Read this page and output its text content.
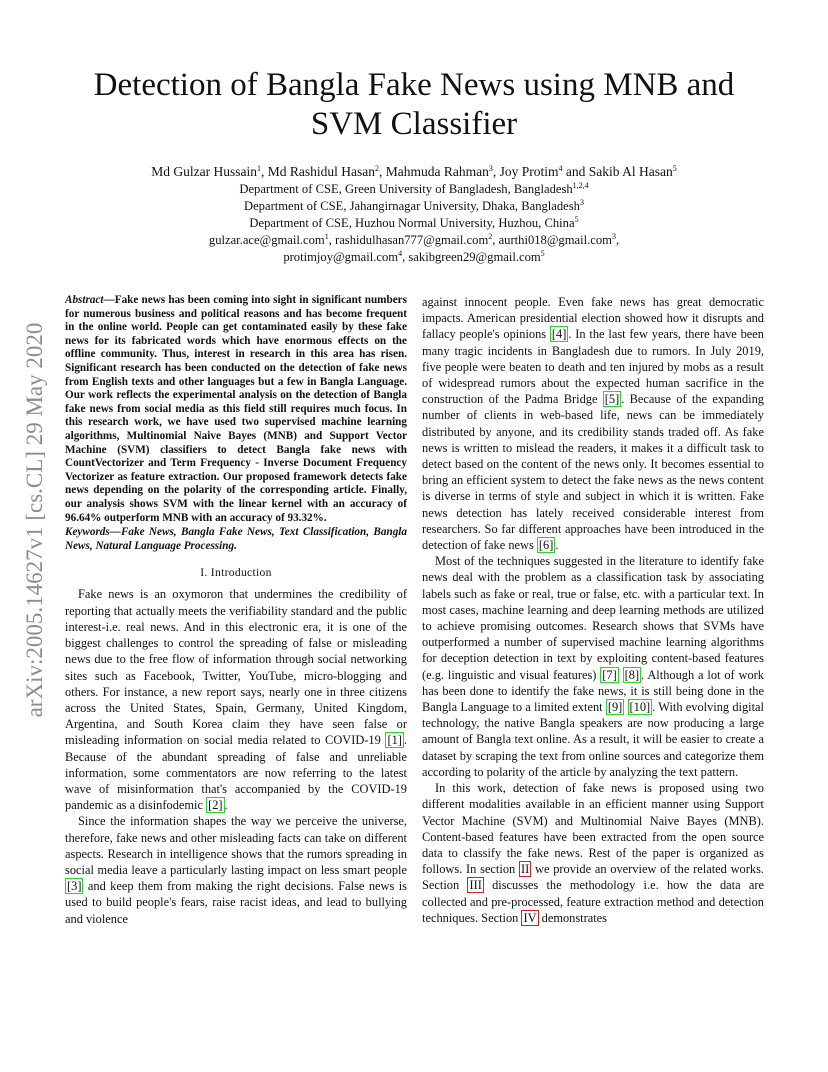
arXiv:2005.14627v1 [cs.CL] 29 May 2020
Detection of Bangla Fake News using MNB and SVM Classifier
Md Gulzar Hussain$^1$, Md Rashidul Hasan$^2$, Mahmuda Rahman$^3$, Joy Protim$^4$ and Sakib Al Hasan$^5$
Department of CSE, Green University of Bangladesh, Bangladesh$^{1,2,4}$
Department of CSE, Jahangirnagar University, Dhaka, Bangladesh$^3$
Department of CSE, Huzhou Normal University, Huzhou, China$^5$
gulzar.ace@gmail.com$^1$, rashidulhasan777@gmail.com$^2$, aurthi018@gmail.com$^3$,
protimjoy@gmail.com$^4$, sakibgreen29@gmail.com$^5$
Abstract—Fake news has been coming into sight in significant numbers for numerous business and political reasons and has become frequent in the online world. People can get contaminated easily by these fake news for its fabricated words which have enormous effects on the offline community. Thus, interest in research in this area has risen. Significant research has been conducted on the detection of fake news from English texts and other languages but a few in Bangla Language. Our work reflects the experimental analysis on the detection of Bangla fake news from social media as this field still requires much focus. In this research work, we have used two supervised machine learning algorithms, Multinomial Naive Bayes (MNB) and Support Vector Machine (SVM) classifiers to detect Bangla fake news with CountVectorizer and Term Frequency - Inverse Document Frequency Vectorizer as feature extraction. Our proposed framework detects fake news depending on the polarity of the corresponding article. Finally, our analysis shows SVM with the linear kernel with an accuracy of 96.64% outperform MNB with an accuracy of 93.32%.
Keywords—Fake News, Bangla Fake News, Text Classification, Bangla News, Natural Language Processing.
I. Introduction

Fake news is an oxymoron that undermines the credibility of reporting that actually meets the verifiability standard and the public interest-i.e. real news. And in this electronic era, it is one of the biggest challenges to control the spreading of false or misleading news due to the free flow of information through social networking sites such as Facebook, Twitter, YouTube, micro-blogging and others. For instance, a new report says, nearly one in three citizens across the United States, Spain, Germany, United Kingdom, Argentina, and South Korea claim they have seen false or misleading information on social media related to COVID-19 [1] . Because of the abundant spreading of false and unreliable information, some commentators are now referring to the latest wave of misinformation that's accompanied by the COVID-19 pandemic as a disinfodemic [2] .

Since the information shapes the way we perceive the universe, therefore, fake news and other misleading facts can take on different aspects. Research in intelligence shows that the rumors spreading in social media leave a particularly lasting impact on less smart people [3] and keep them from making the right decisions. False news is used to build people's fears, raise racist ideas, and lead to bullying and violence

against innocent people. Even fake news has great democratic impacts. American presidential election showed how it disrupts and fallacy people's opinions [4] . In the last few years, there have been many tragic incidents in Bangladesh due to rumors. In July 2019, five people were beaten to death and ten injured by mobs as a result of widespread rumors about the expected human sacrifice in the construction of the Padma Bridge [5] . Because of the expanding number of clients in web-based life, news can be immediately distributed by anyone, and its credibility stands traded off. As fake news is written to mislead the readers, it makes it a difficult task to detect based on the content of the news only. It becomes essential to bring an efficient system to detect the fake news as the news content is diverse in terms of style and subject in which it is written. Fake news detection has lately received considerable interest from researchers. So far different approaches have been introduced in the detection of fake news [6] .

Most of the techniques suggested in the literature to identify fake news deal with the problem as a classification task by associating labels such as fake or real, true or false, etc. with a particular text. In most cases, machine learning and deep learning methods are utilized to achieve promising outcomes. Research shows that SVMs have outperformed a number of supervised machine learning algorithms for deception detection in text by exploiting content-based features (e.g. linguistic and visual features) [7] [8] . Although a lot of work has been done to identify the fake news, it is still being done in the Bangla Language to a limited extent [9] [10] . With evolving digital technology, the native Bangla speakers are now producing a large amount of Bangla text online. As a result, it will be easier to create a dataset by scraping the text from online sources and categorize them according to polarity of the article by analyzing the text pattern.

In this work, detection of fake news is proposed using two different modalities available in an efficient manner using Support Vector Machine (SVM) and Multinomial Naive Bayes (MNB). Content-based features have been extracted from the open source data to classify the fake news. Rest of the paper is organized as follows. In section II we provide an overview of the related works. Section III discusses the methodology i.e. how the data are collected and pre-processed, feature extraction method and detection techniques. Section IV demonstrates
